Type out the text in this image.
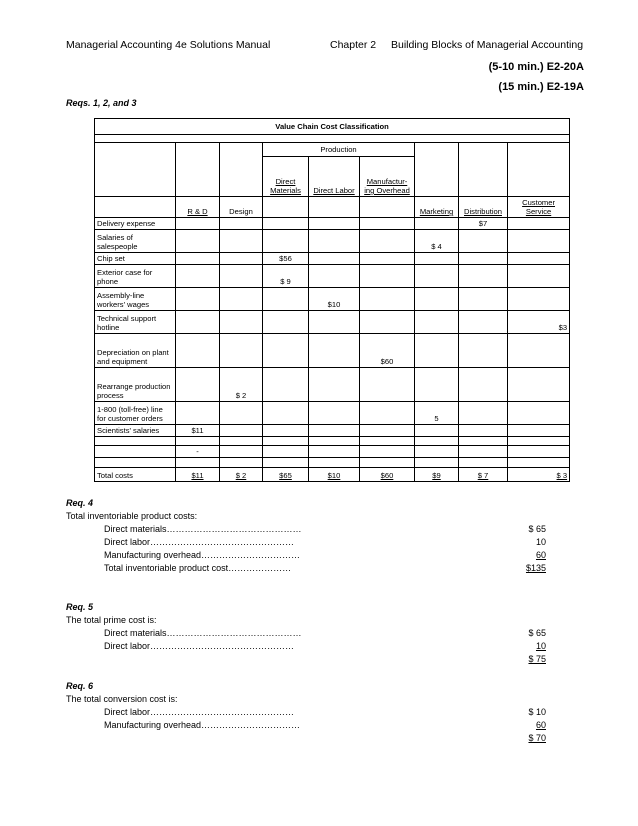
Managerial Accounting 4e Solutions Manual	Chapter 2 Building Blocks of Managerial Accounting
(5-10 min.) E2-20A
(15 min.) E2-19A
Reqs. 1, 2, and 3
Value Chain Cost Classification								

			Production					
			Direct Materials	Direct Labor	Manufactur-ing Overhead			
	R & D	Design				Marketing	Distribution	Customer Service
Delivery expense							$7	
Salaries of salespeople						$ 4		
Chip set			$56					
Exterior case for phone			$ 9					
Assembly-line workers' wages				$10				
Technical support hotline								$3
Depreciation on plant and equipment					$60			
Rearrange production process		$ 2						
1-800 (toll-free) line for customer orders						5		
Scientists' salaries	$11							

	-							

Total costs	$11	$ 2	$65	$10	$60	$9	$ 7	$ 3
Req. 4
Total inventoriable product costs:
Direct materials………………………………………	$ 65
Direct labor…………………………………………	10
Manufacturing overhead……………………………	60
Total inventoriable product cost…………………	$135
Req. 5
The total prime cost is:
Direct materials………………………………………	$ 65
Direct labor…………………………………………	10
$ 75
Req. 6
The total conversion cost is:
Direct labor…………………………………………	$ 10
Manufacturing overhead……………………………	60
$ 70
